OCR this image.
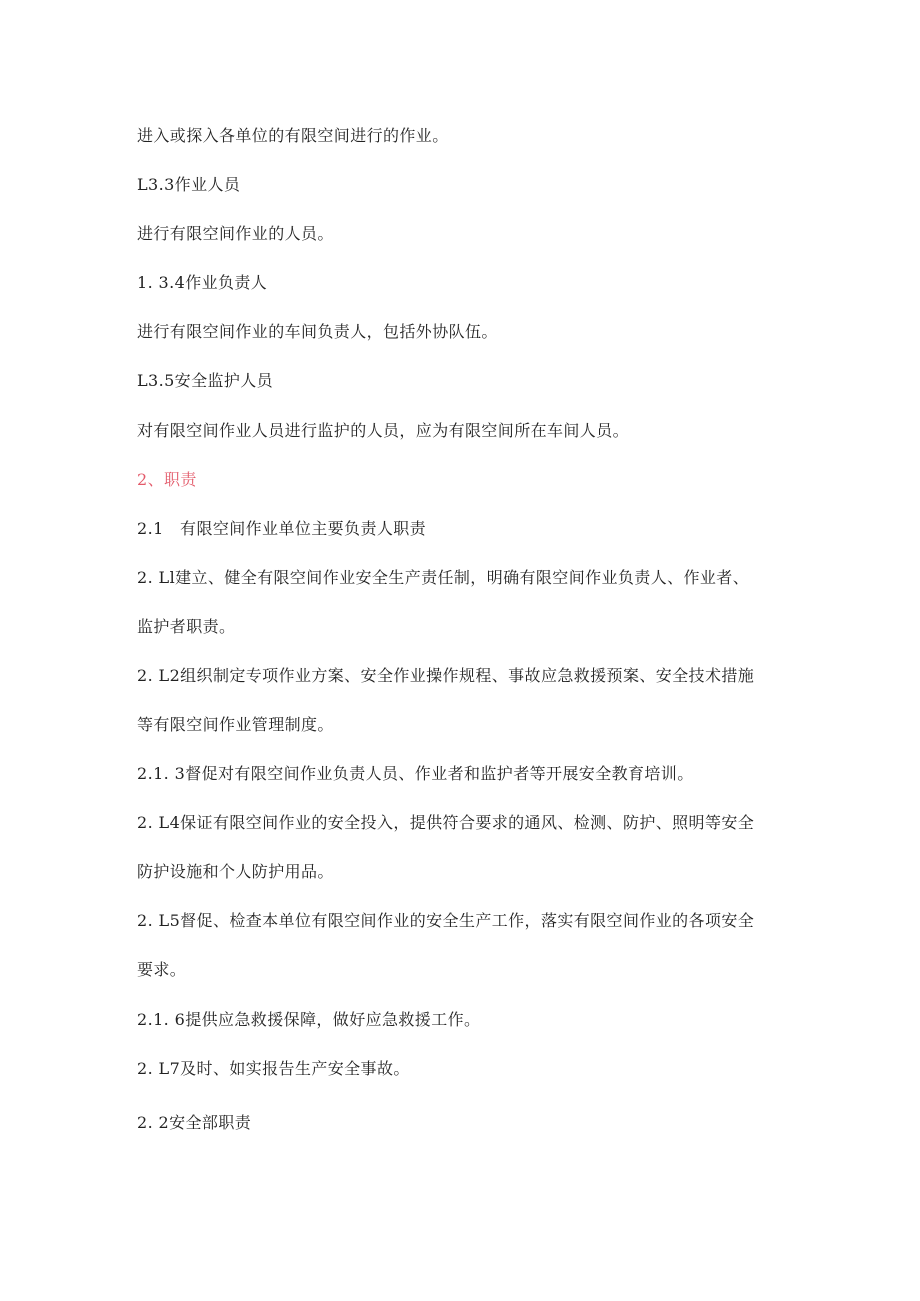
进入或探入各单位的有限空间进行的作业。
L3.3作业人员
进行有限空间作业的人员。
1. 3.4作业负责人
进行有限空间作业的车间负责人，包括外协队伍。
L3.5安全监护人员
对有限空间作业人员进行监护的人员，应为有限空间所在车间人员。
2、职责
2.1　有限空间作业单位主要负责人职责
2. Ll建立、健全有限空间作业安全生产责任制，明确有限空间作业负责人、作业者、
监护者职责。
2. L2组织制定专项作业方案、安全作业操作规程、事故应急救援预案、安全技术措施
等有限空间作业管理制度。
2.1. 3督促对有限空间作业负责人员、作业者和监护者等开展安全教育培训。
2. L4保证有限空间作业的安全投入，提供符合要求的通风、检测、防护、照明等安全
防护设施和个人防护用品。
2. L5督促、检查本单位有限空间作业的安全生产工作，落实有限空间作业的各项安全
要求。
2.1. 6提供应急救援保障，做好应急救援工作。
2. L7及时、如实报告生产安全事故。
2. 2安全部职责
